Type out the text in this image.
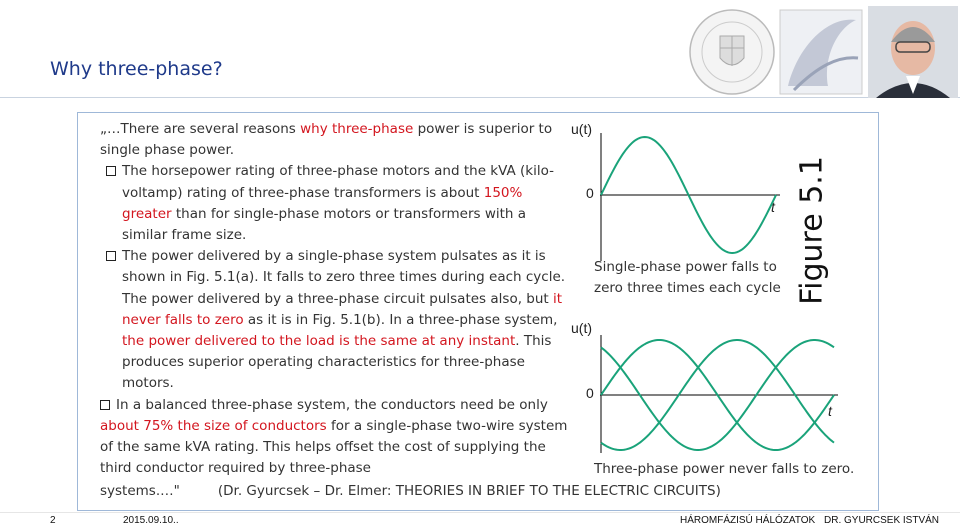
Why three-phase?

„…There are several reasons why three-phase power is superior to single phase power.

The horsepower rating of three-phase motors and the kVA (kilo-voltamp) rating of three-phase transformers is about 150% greater than for single-phase motors or transformers with a similar frame size.

The power delivered by a single-phase system pulsates as it is shown in Fig. 5.1(a). It falls to zero three times during each cycle. The power delivered by a three-phase circuit pulsates also, but it never falls to zero as it is in Fig. 5.1(b). In a three-phase system, the power delivered to the load is the same at any instant. This produces superior operating characteristics for three-phase motors.

In a balanced three-phase system, the conductors need be only about 75% the size of conductors for a single-phase two-wire system of the same kVA rating. This helps offset the cost of supplying the third conductor required by three-phase

systems.…"	(Dr. Gyurcsek – Dr. Elmer: THEORIES IN BRIEF TO THE ELECTRIC CIRCUITS)
u(t)
0
t
Single-phase power falls to
zero three times each cycle
u(t)
0
t
Three-phase power never falls to zero.
Figure 5.1
2	2015.09.10..	HÁROMFÁZISÚ HÁLÓZATOK DR. GYURCSEK ISTVÁN
